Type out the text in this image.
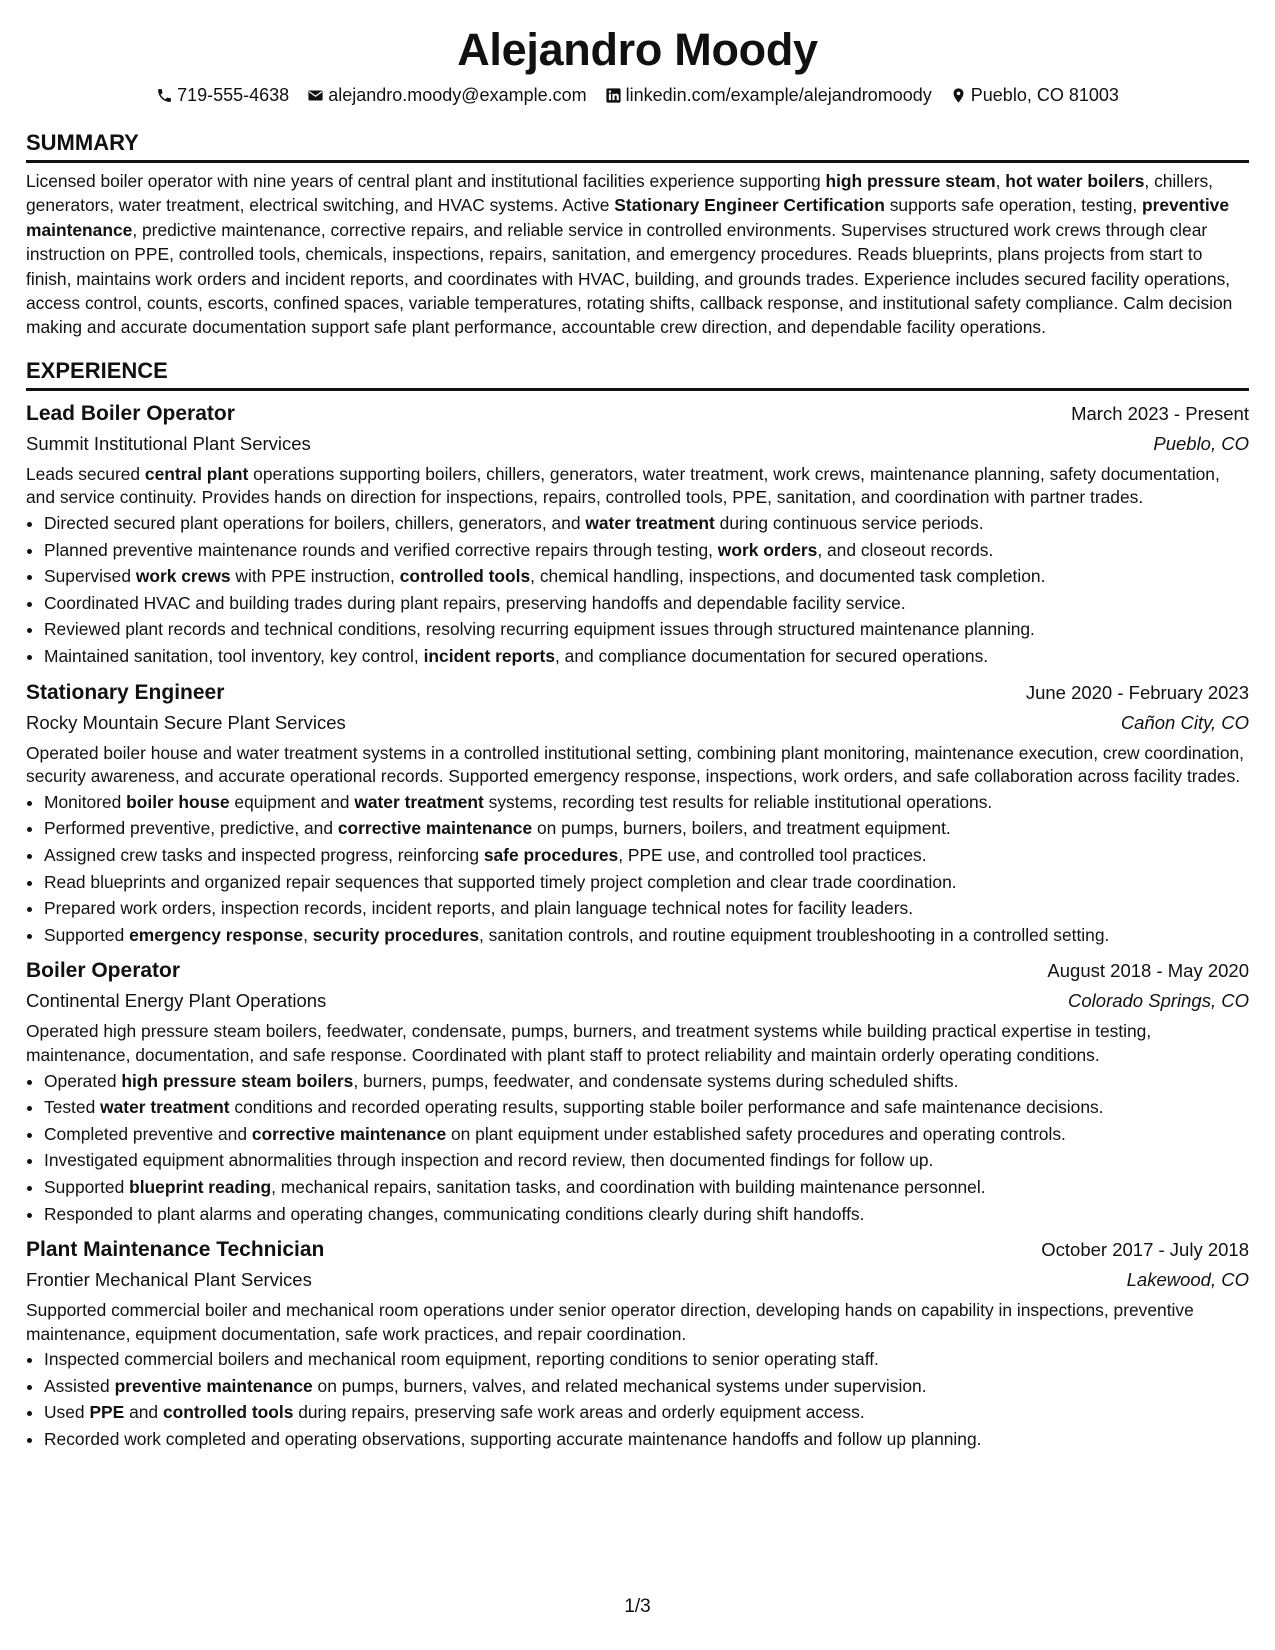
Alejandro Moody
719-555-4638 alejandro.moody@example.com linkedin.com/example/alejandromoody Pueblo, CO 81003
SUMMARY
Licensed boiler operator with nine years of central plant and institutional facilities experience supporting high pressure steam, hot water boilers, chillers, generators, water treatment, electrical switching, and HVAC systems. Active Stationary Engineer Certification supports safe operation, testing, preventive maintenance, predictive maintenance, corrective repairs, and reliable service in controlled environments. Supervises structured work crews through clear instruction on PPE, controlled tools, chemicals, inspections, repairs, sanitation, and emergency procedures. Reads blueprints, plans projects from start to finish, maintains work orders and incident reports, and coordinates with HVAC, building, and grounds trades. Experience includes secured facility operations, access control, counts, escorts, confined spaces, variable temperatures, rotating shifts, callback response, and institutional safety compliance. Calm decision making and accurate documentation support safe plant performance, accountable crew direction, and dependable facility operations.
EXPERIENCE
Lead Boiler Operator	March 2023 - Present
Summit Institutional Plant Services	Pueblo, CO
Leads secured central plant operations supporting boilers, chillers, generators, water treatment, work crews, maintenance planning, safety documentation, and service continuity. Provides hands on direction for inspections, repairs, controlled tools, PPE, sanitation, and coordination with partner trades.
• Directed secured plant operations for boilers, chillers, generators, and water treatment during continuous service periods.
• Planned preventive maintenance rounds and verified corrective repairs through testing, work orders, and closeout records.
• Supervised work crews with PPE instruction, controlled tools, chemical handling, inspections, and documented task completion.
• Coordinated HVAC and building trades during plant repairs, preserving handoffs and dependable facility service.
• Reviewed plant records and technical conditions, resolving recurring equipment issues through structured maintenance planning.
• Maintained sanitation, tool inventory, key control, incident reports, and compliance documentation for secured operations.
Stationary Engineer	June 2020 - February 2023
Rocky Mountain Secure Plant Services	Cañon City, CO
Operated boiler house and water treatment systems in a controlled institutional setting, combining plant monitoring, maintenance execution, crew coordination, security awareness, and accurate operational records. Supported emergency response, inspections, work orders, and safe collaboration across facility trades.
• Monitored boiler house equipment and water treatment systems, recording test results for reliable institutional operations.
• Performed preventive, predictive, and corrective maintenance on pumps, burners, boilers, and treatment equipment.
• Assigned crew tasks and inspected progress, reinforcing safe procedures, PPE use, and controlled tool practices.
• Read blueprints and organized repair sequences that supported timely project completion and clear trade coordination.
• Prepared work orders, inspection records, incident reports, and plain language technical notes for facility leaders.
• Supported emergency response, security procedures, sanitation controls, and routine equipment troubleshooting in a controlled setting.
Boiler Operator	August 2018 - May 2020
Continental Energy Plant Operations	Colorado Springs, CO
Operated high pressure steam boilers, feedwater, condensate, pumps, burners, and treatment systems while building practical expertise in testing, maintenance, documentation, and safe response. Coordinated with plant staff to protect reliability and maintain orderly operating conditions.
• Operated high pressure steam boilers, burners, pumps, feedwater, and condensate systems during scheduled shifts.
• Tested water treatment conditions and recorded operating results, supporting stable boiler performance and safe maintenance decisions.
• Completed preventive and corrective maintenance on plant equipment under established safety procedures and operating controls.
• Investigated equipment abnormalities through inspection and record review, then documented findings for follow up.
• Supported blueprint reading, mechanical repairs, sanitation tasks, and coordination with building maintenance personnel.
• Responded to plant alarms and operating changes, communicating conditions clearly during shift handoffs.
Plant Maintenance Technician	October 2017 - July 2018
Frontier Mechanical Plant Services	Lakewood, CO
Supported commercial boiler and mechanical room operations under senior operator direction, developing hands on capability in inspections, preventive maintenance, equipment documentation, safe work practices, and repair coordination.
• Inspected commercial boilers and mechanical room equipment, reporting conditions to senior operating staff.
• Assisted preventive maintenance on pumps, burners, valves, and related mechanical systems under supervision.
• Used PPE and controlled tools during repairs, preserving safe work areas and orderly equipment access.
• Recorded work completed and operating observations, supporting accurate maintenance handoffs and follow up planning.
1/3
